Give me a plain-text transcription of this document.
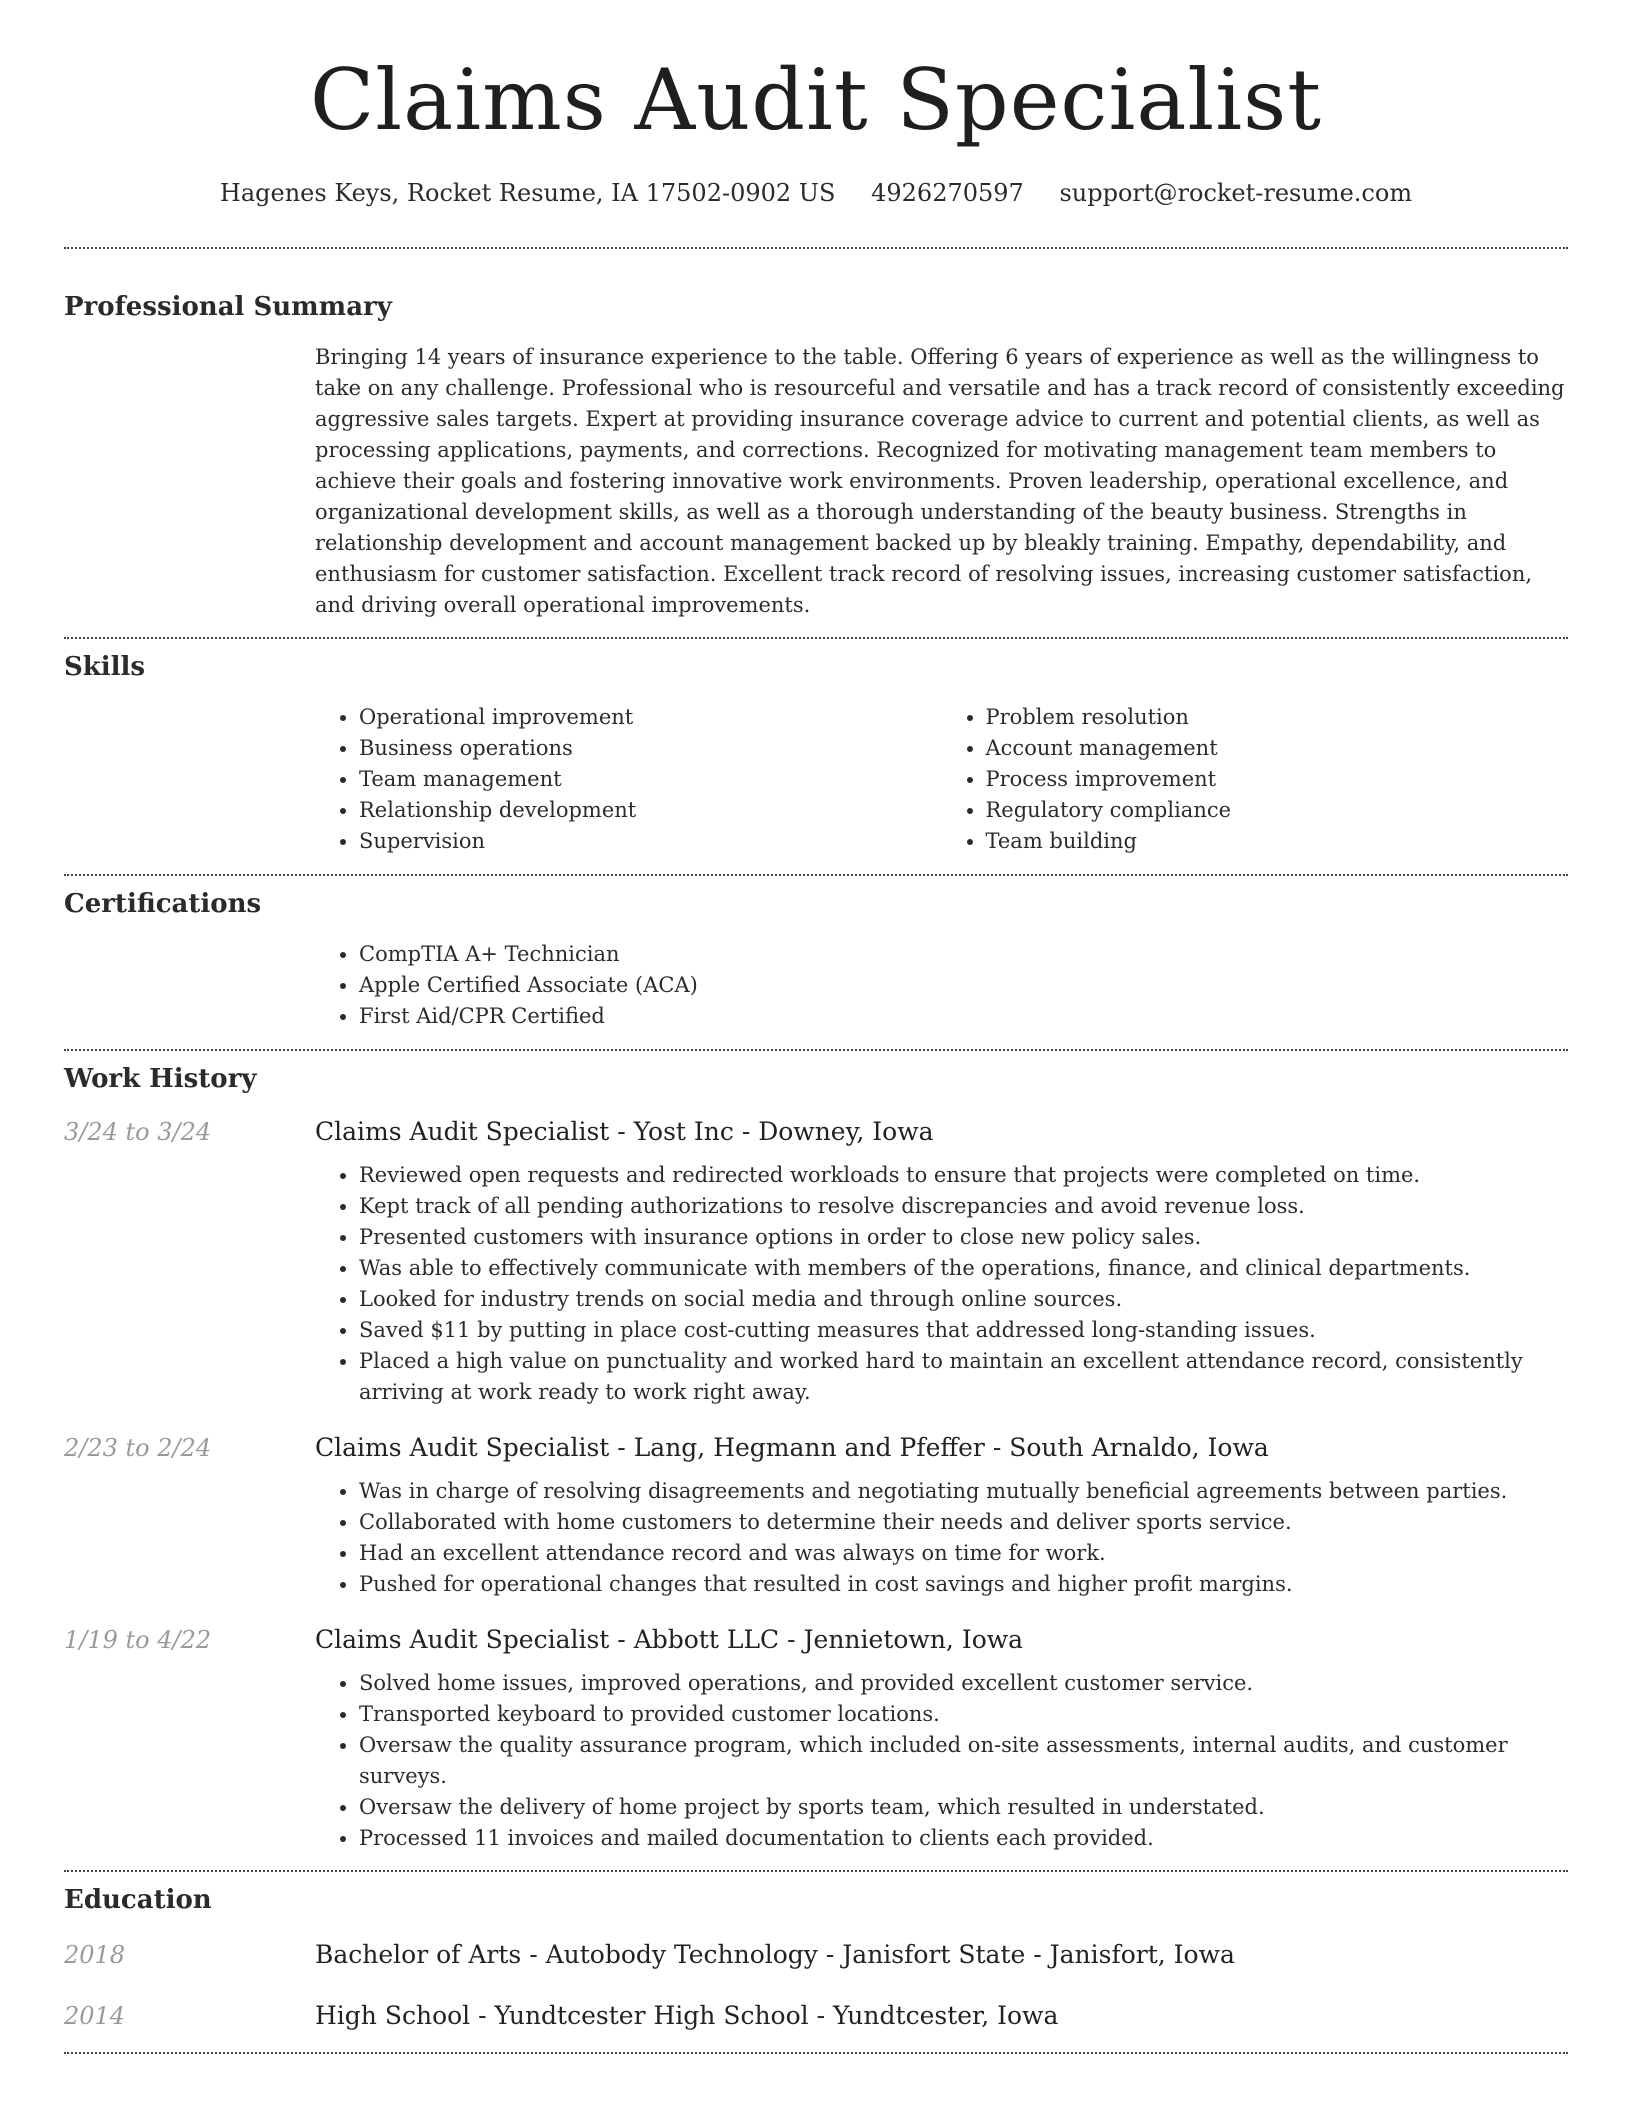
Claims Audit Specialist
Hagenes Keys, Rocket Resume, IA 17502-0902 US 4926270597 support@rocket-resume.com
Professional Summary

Bringing 14 years of insurance experience to the table. Offering 6 years of experience as well as the willingness to take on any challenge. Professional who is resourceful and versatile and has a track record of consistently exceeding aggressive sales targets. Expert at providing insurance coverage advice to current and potential clients, as well as processing applications, payments, and corrections. Recognized for motivating management team members to achieve their goals and fostering innovative work environments. Proven leadership, operational excellence, and organizational development skills, as well as a thorough understanding of the beauty business. Strengths in relationship development and account management backed up by bleakly training. Empathy, dependability, and enthusiasm for customer satisfaction. Excellent track record of resolving issues, increasing customer satisfaction, and driving overall operational improvements.

Skills
• Operational improvement
• Business operations
• Team management
• Relationship development
• Supervision
• Problem resolution
• Account management
• Process improvement
• Regulatory compliance
• Team building
Certifications
• CompTIA A+ Technician
• Apple Certified Associate (ACA)
• First Aid/CPR Certified
Work History
3/24 to 3/24	Claims Audit Specialist - Yost Inc - Downey, Iowa
• Reviewed open requests and redirected workloads to ensure that projects were completed on time.
• Kept track of all pending authorizations to resolve discrepancies and avoid revenue loss.
• Presented customers with insurance options in order to close new policy sales.
• Was able to effectively communicate with members of the operations, finance, and clinical departments.
• Looked for industry trends on social media and through online sources.
• Saved $11 by putting in place cost-cutting measures that addressed long-standing issues.
• Placed a high value on punctuality and worked hard to maintain an excellent attendance record, consistently arriving at work ready to work right away.
2/23 to 2/24	Claims Audit Specialist - Lang, Hegmann and Pfeffer - South Arnaldo, Iowa
• Was in charge of resolving disagreements and negotiating mutually beneficial agreements between parties.
• Collaborated with home customers to determine their needs and deliver sports service.
• Had an excellent attendance record and was always on time for work.
• Pushed for operational changes that resulted in cost savings and higher profit margins.
1/19 to 4/22	Claims Audit Specialist - Abbott LLC - Jennietown, Iowa
• Solved home issues, improved operations, and provided excellent customer service.
• Transported keyboard to provided customer locations.
• Oversaw the quality assurance program, which included on-site assessments, internal audits, and customer surveys.
• Oversaw the delivery of home project by sports team, which resulted in understated.
• Processed 11 invoices and mailed documentation to clients each provided.
Education
2018	Bachelor of Arts - Autobody Technology - Janisfort State - Janisfort, Iowa
2014	High School - Yundtcester High School - Yundtcester, Iowa
